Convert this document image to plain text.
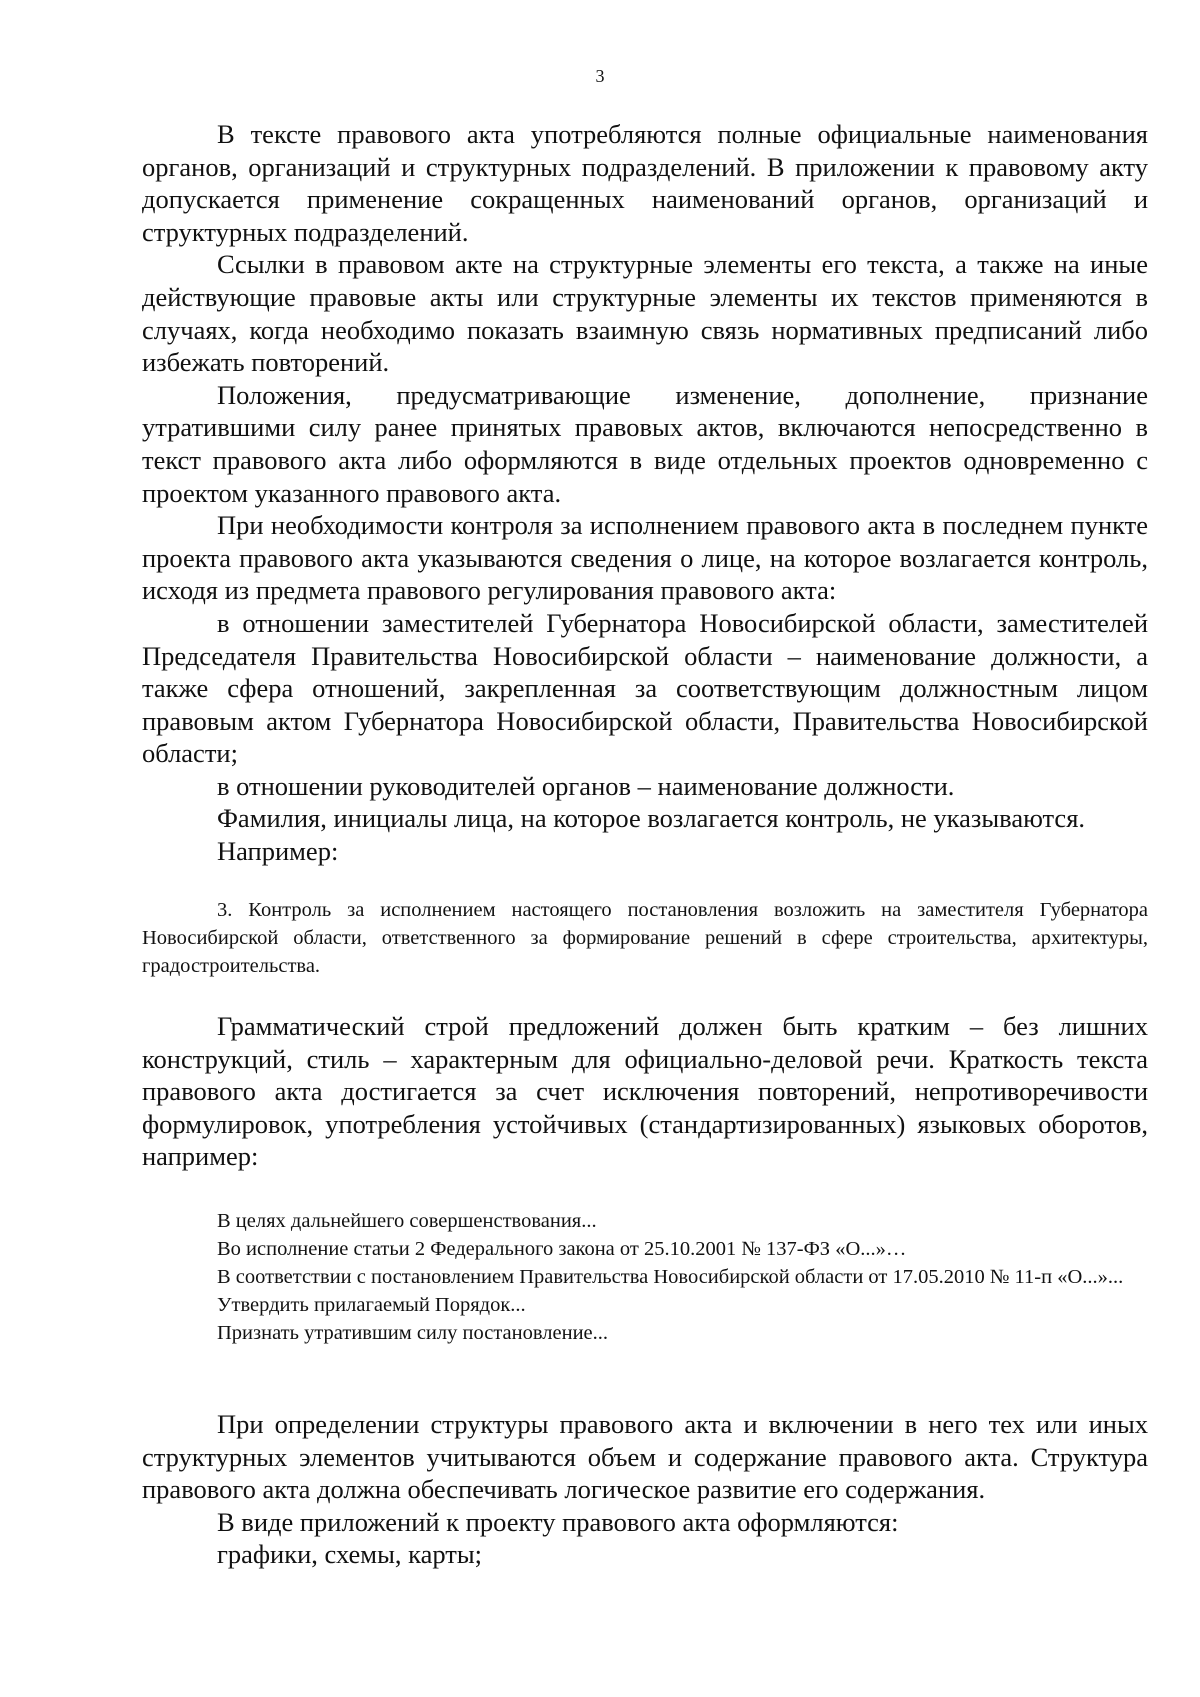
3

В тексте правового акта употребляются полные официальные наименования органов, организаций и структурных подразделений. В приложении к правовому акту допускается применение сокращенных наименований органов, организаций и структурных подразделений.

Ссылки в правовом акте на структурные элементы его текста, а также на иные действующие правовые акты или структурные элементы их текстов применяются в случаях, когда необходимо показать взаимную связь нормативных предписаний либо избежать повторений.

Положения, предусматривающие изменение, дополнение, признание утратившими силу ранее принятых правовых актов, включаются непосредственно в текст правового акта либо оформляются в виде отдельных проектов одновременно с проектом указанного правового акта.

При необходимости контроля за исполнением правового акта в последнем пункте проекта правового акта указываются сведения о лице, на которое возлагается контроль, исходя из предмета правового регулирования правового акта:

в отношении заместителей Губернатора Новосибирской области, заместителей Председателя Правительства Новосибирской области – наименование должности, а также сфера отношений, закрепленная за соответствующим должностным лицом правовым актом Губернатора Новосибирской области, Правительства Новосибирской области;

в отношении руководителей органов – наименование должности.

Фамилия, инициалы лица, на которое возлагается контроль, не указываются.

Например:

3. Контроль за исполнением настоящего постановления возложить на заместителя Губернатора Новосибирской области, ответственного за формирование решений в сфере строительства, архитектуры, градостроительства.

Грамматический строй предложений должен быть кратким – без лишних конструкций, стиль – характерным для официально-деловой речи. Краткость текста правового акта достигается за счет исключения повторений, непротиворечивости формулировок, употребления устойчивых (стандартизированных) языковых оборотов, например:

В целях дальнейшего совершенствования...

Во исполнение статьи 2 Федерального закона от 25.10.2001 № 137-ФЗ «О...»…

В соответствии с постановлением Правительства Новосибирской области от 17.05.2010 № 11-п «О...»...

Утвердить прилагаемый Порядок...

Признать утратившим силу постановление...

При определении структуры правового акта и включении в него тех или иных структурных элементов учитываются объем и содержание правового акта. Структура правового акта должна обеспечивать логическое развитие его содержания.

В виде приложений к проекту правового акта оформляются:

графики, схемы, карты;
